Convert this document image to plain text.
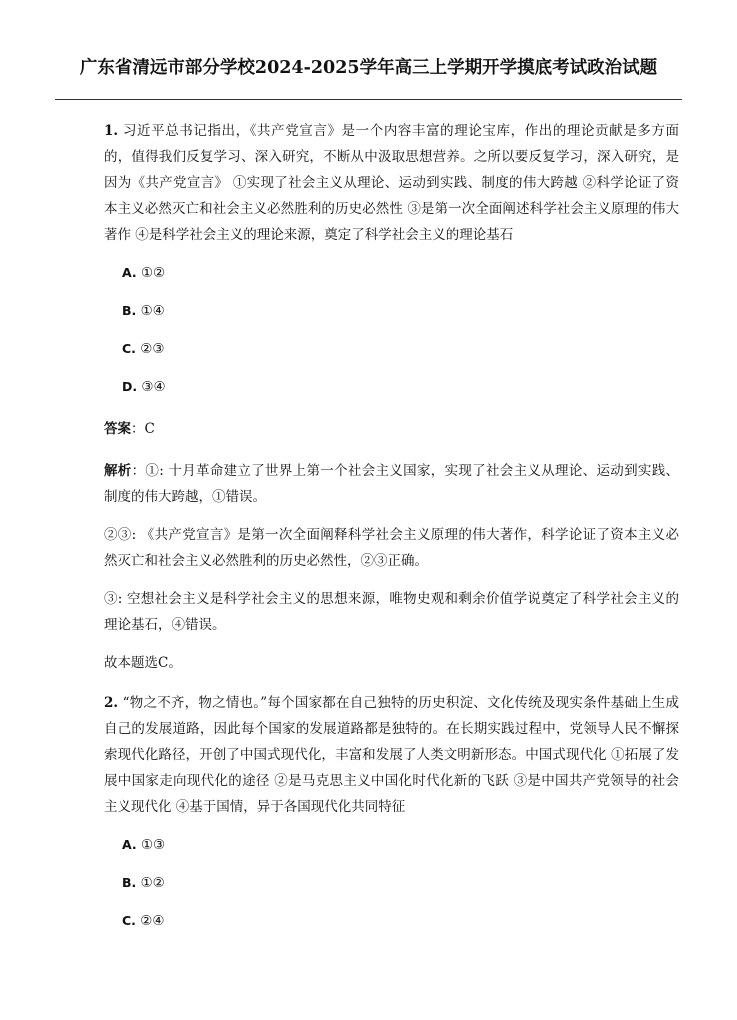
广东省清远市部分学校2024-2025学年高三上学期开学摸底考试政治试题

1. 习近平总书记指出，《共产党宣言》是一个内容丰富的理论宝库，作出的理论贡献是多方面的，值得我们反复学习、深入研究，不断从中汲取思想营养。之所以要反复学习，深入研究，是因为《共产党宣言》 ①实现了社会主义从理论、运动到实践、制度的伟大跨越 ②科学论证了资本主义必然灭亡和社会主义必然胜利的历史必然性 ③是第一次全面阐述科学社会主义原理的伟大著作 ④是科学社会主义的理论来源，奠定了科学社会主义的理论基石

A. ①②
B. ①④
C. ②③
D. ③④

答案：C

解析：①: 十月革命建立了世界上第一个社会主义国家，实现了社会主义从理论、运动到实践、制度的伟大跨越，①错误。

②③: 《共产党宣言》是第一次全面阐释科学社会主义原理的伟大著作，科学论证了资本主义必然灭亡和社会主义必然胜利的历史必然性，②③正确。

③: 空想社会主义是科学社会主义的思想来源，唯物史观和剩余价值学说奠定了科学社会主义的理论基石，④错误。

故本题选C。

2. “物之不齐，物之情也。”每个国家都在自己独特的历史积淀、文化传统及现实条件基础上生成自己的发展道路，因此每个国家的发展道路都是独特的。在长期实践过程中，党领导人民不懈探索现代化路径，开创了中国式现代化，丰富和发展了人类文明新形态。中国式现代化 ①拓展了发展中国家走向现代化的途径 ②是马克思主义中国化时代化新的飞跃 ③是中国共产党领导的社会主义现代化 ④基于国情，异于各国现代化共同特征

A. ①③
B. ①②
C. ②④
